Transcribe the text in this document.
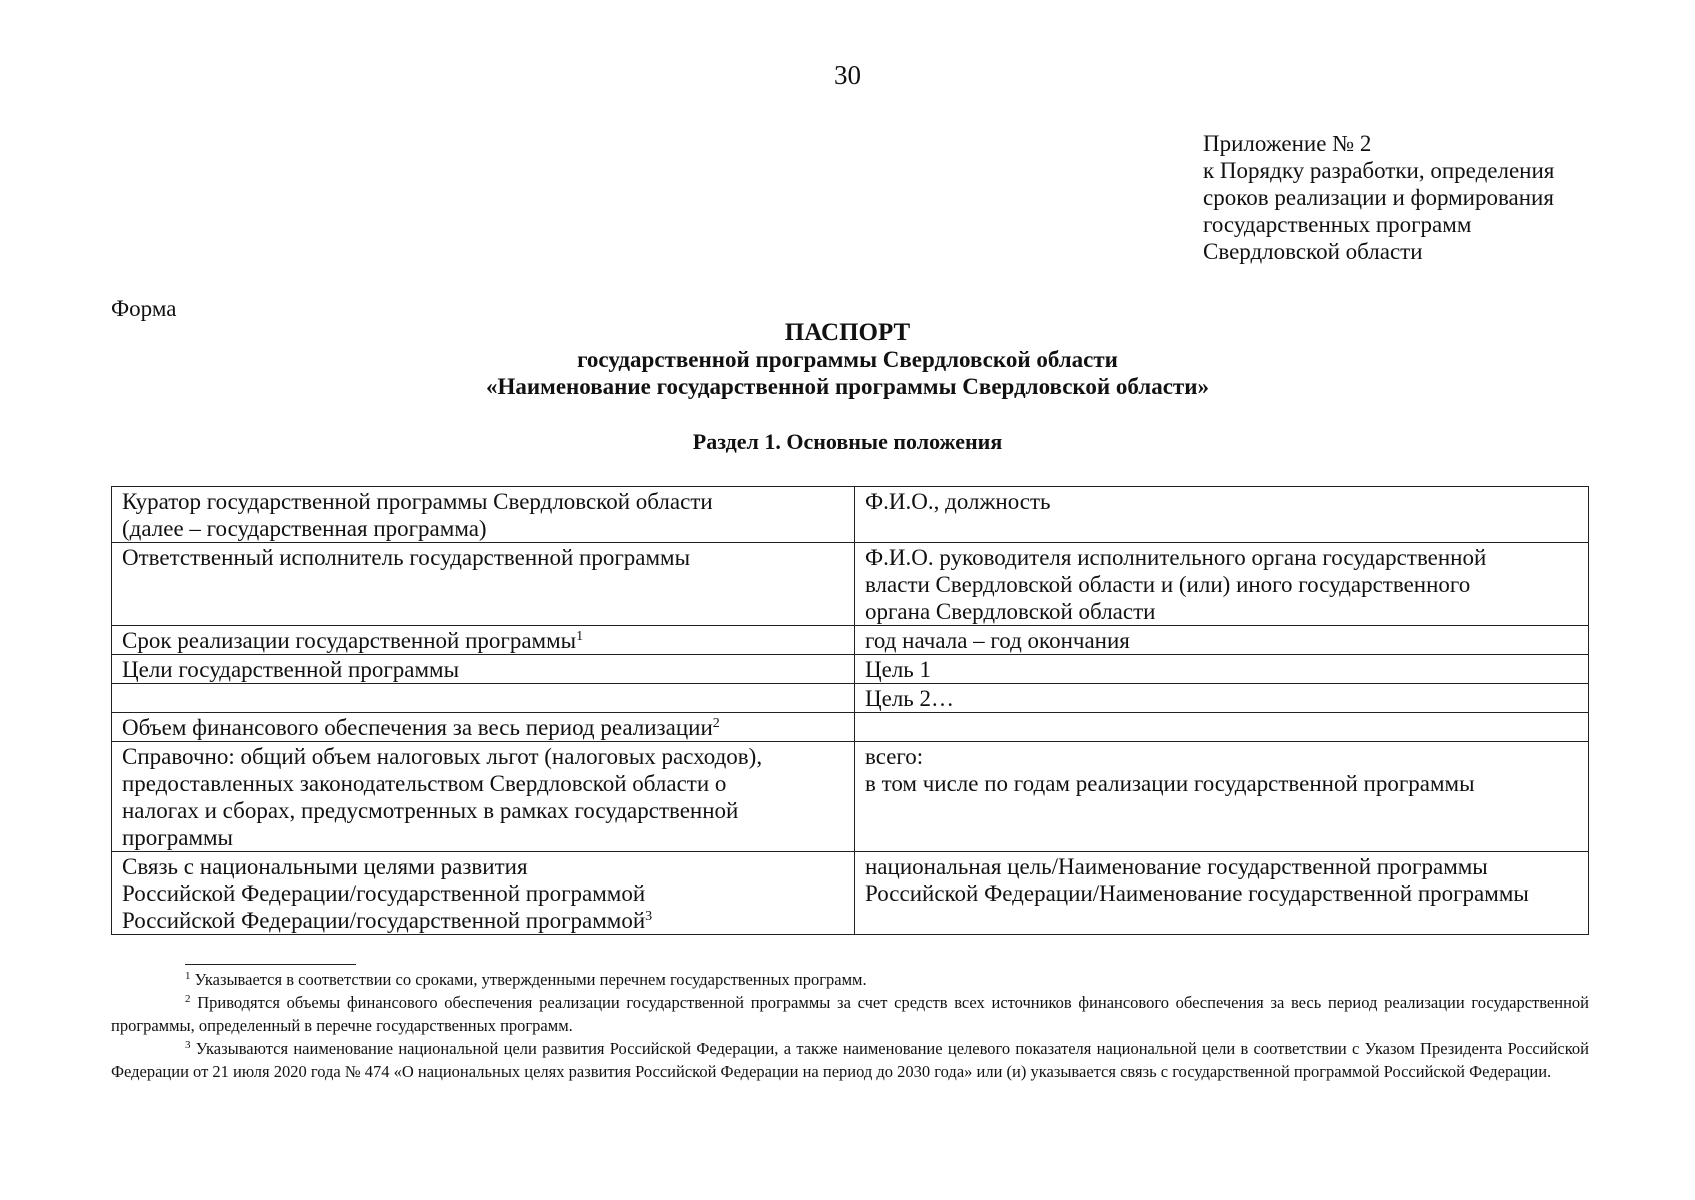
30
Приложение № 2
к Порядку разработки, определения
сроков реализации и формирования
государственных программ
Свердловской области
Форма
ПАСПОРТ
государственной программы Свердловской области
«Наименование государственной программы Свердловской области»
Раздел 1. Основные положения
Куратор государственной программы Свердловской области
(далее – государственная программа)	Ф.И.О., должность

Ответственный исполнитель государственной программы	Ф.И.О. руководителя исполнительного органа государственной
власти Свердловской области и (или) иного государственного
органа Свердловской области

Срок реализации государственной программы$^1$	год начала – год окончания

Цели государственной программы	Цель 1

	Цель 2…

Объем финансового обеспечения за весь период реализации$^2$

Справочно: общий объем налоговых льгот (налоговых расходов),
предоставленных законодательством Свердловской области о
налогах и сборах, предусмотренных в рамках государственной
программы	всего:
в том числе по годам реализации государственной программы

Связь с национальными целями развития
Российской Федерации/государственной программой
Российской Федерации/государственной программой$^3$	национальная цель/Наименование государственной программы
Российской Федерации/Наименование государственной программы

$^1$ Указывается в соответствии со сроками, утвержденными перечнем государственных программ.

$^2$ Приводятся объемы финансового обеспечения реализации государственной программы за счет средств всех источников финансового обеспечения за весь период реализации государственной программы, определенный в перечне государственных программ.

$^3$ Указываются наименование национальной цели развития Российской Федерации, а также наименование целевого показателя национальной цели в соответствии с Указом Президента Российской Федерации от 21 июля 2020 года № 474 «О национальных целях развития Российской Федерации на период до 2030 года» или (и) указывается связь с государственной программой Российской Федерации.
